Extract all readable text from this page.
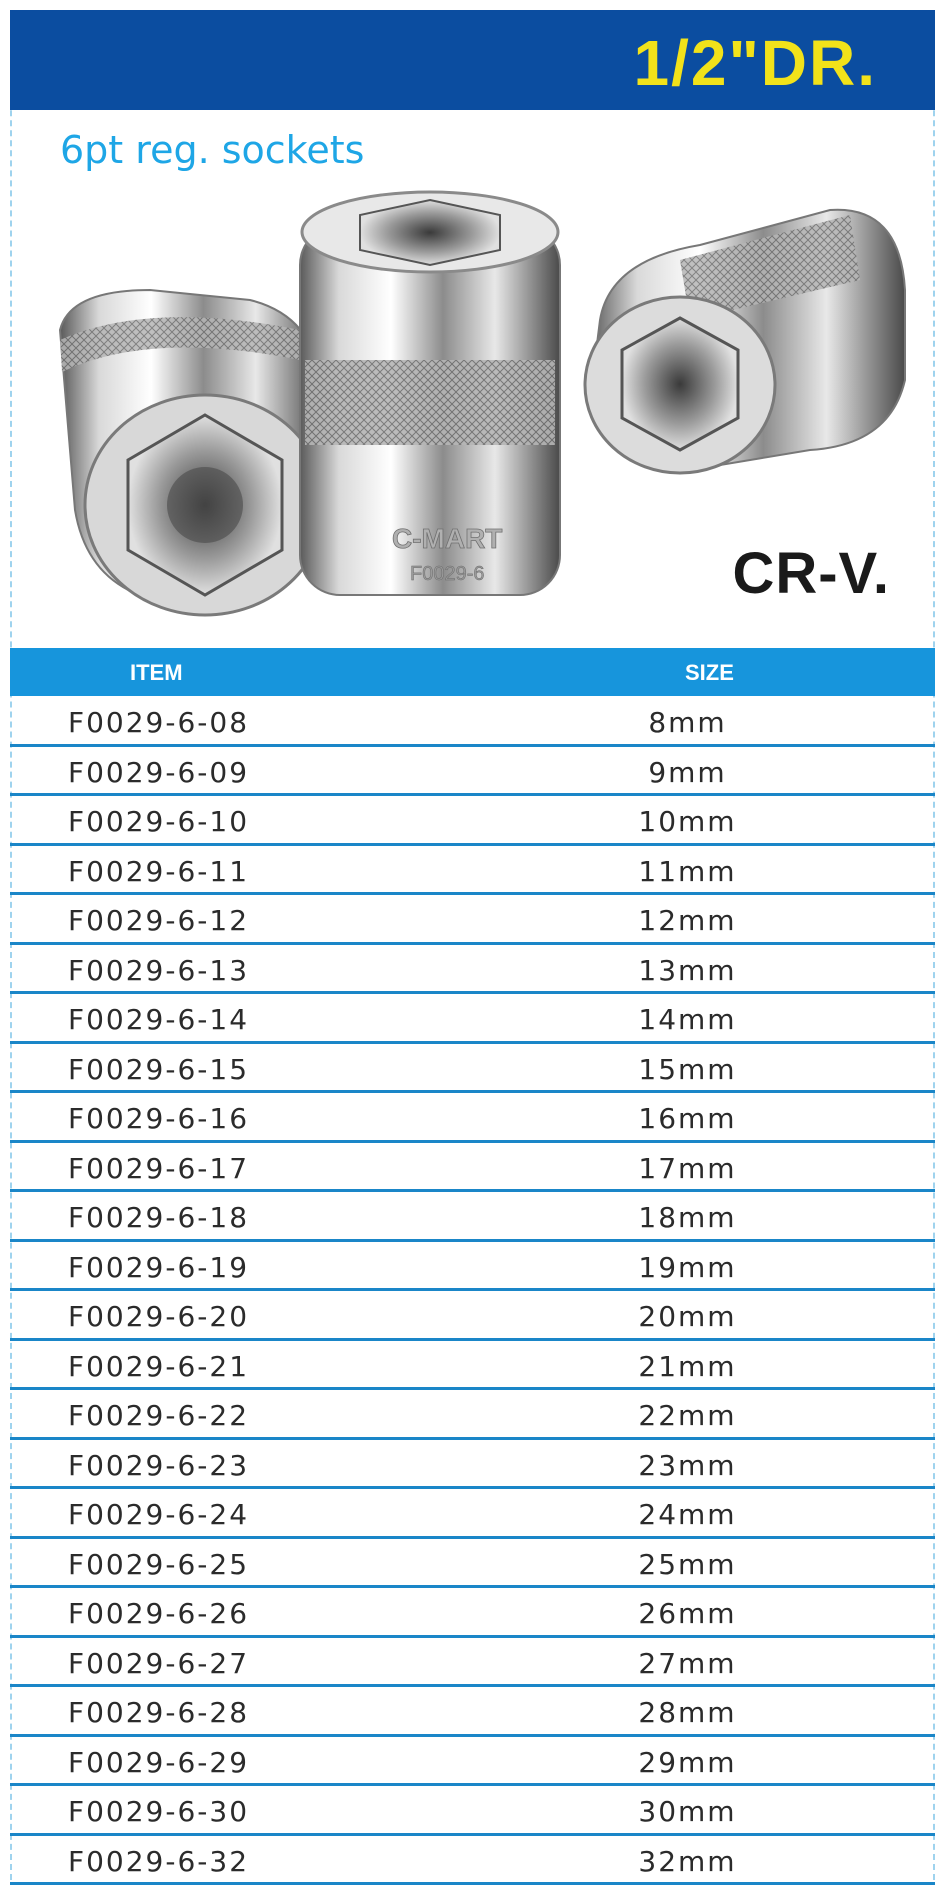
1/2"DR.
6pt reg. sockets
C-MART
F0029-6	CR-V.
ITEM	SIZE
F0029-6-08	8mm
F0029-6-09	9mm
F0029-6-10	10mm
F0029-6-11	11mm
F0029-6-12	12mm
F0029-6-13	13mm
F0029-6-14	14mm
F0029-6-15	15mm
F0029-6-16	16mm
F0029-6-17	17mm
F0029-6-18	18mm
F0029-6-19	19mm
F0029-6-20	20mm
F0029-6-21	21mm
F0029-6-22	22mm
F0029-6-23	23mm
F0029-6-24	24mm
F0029-6-25	25mm
F0029-6-26	26mm
F0029-6-27	27mm
F0029-6-28	28mm
F0029-6-29	29mm
F0029-6-30	30mm
F0029-6-32	32mm
